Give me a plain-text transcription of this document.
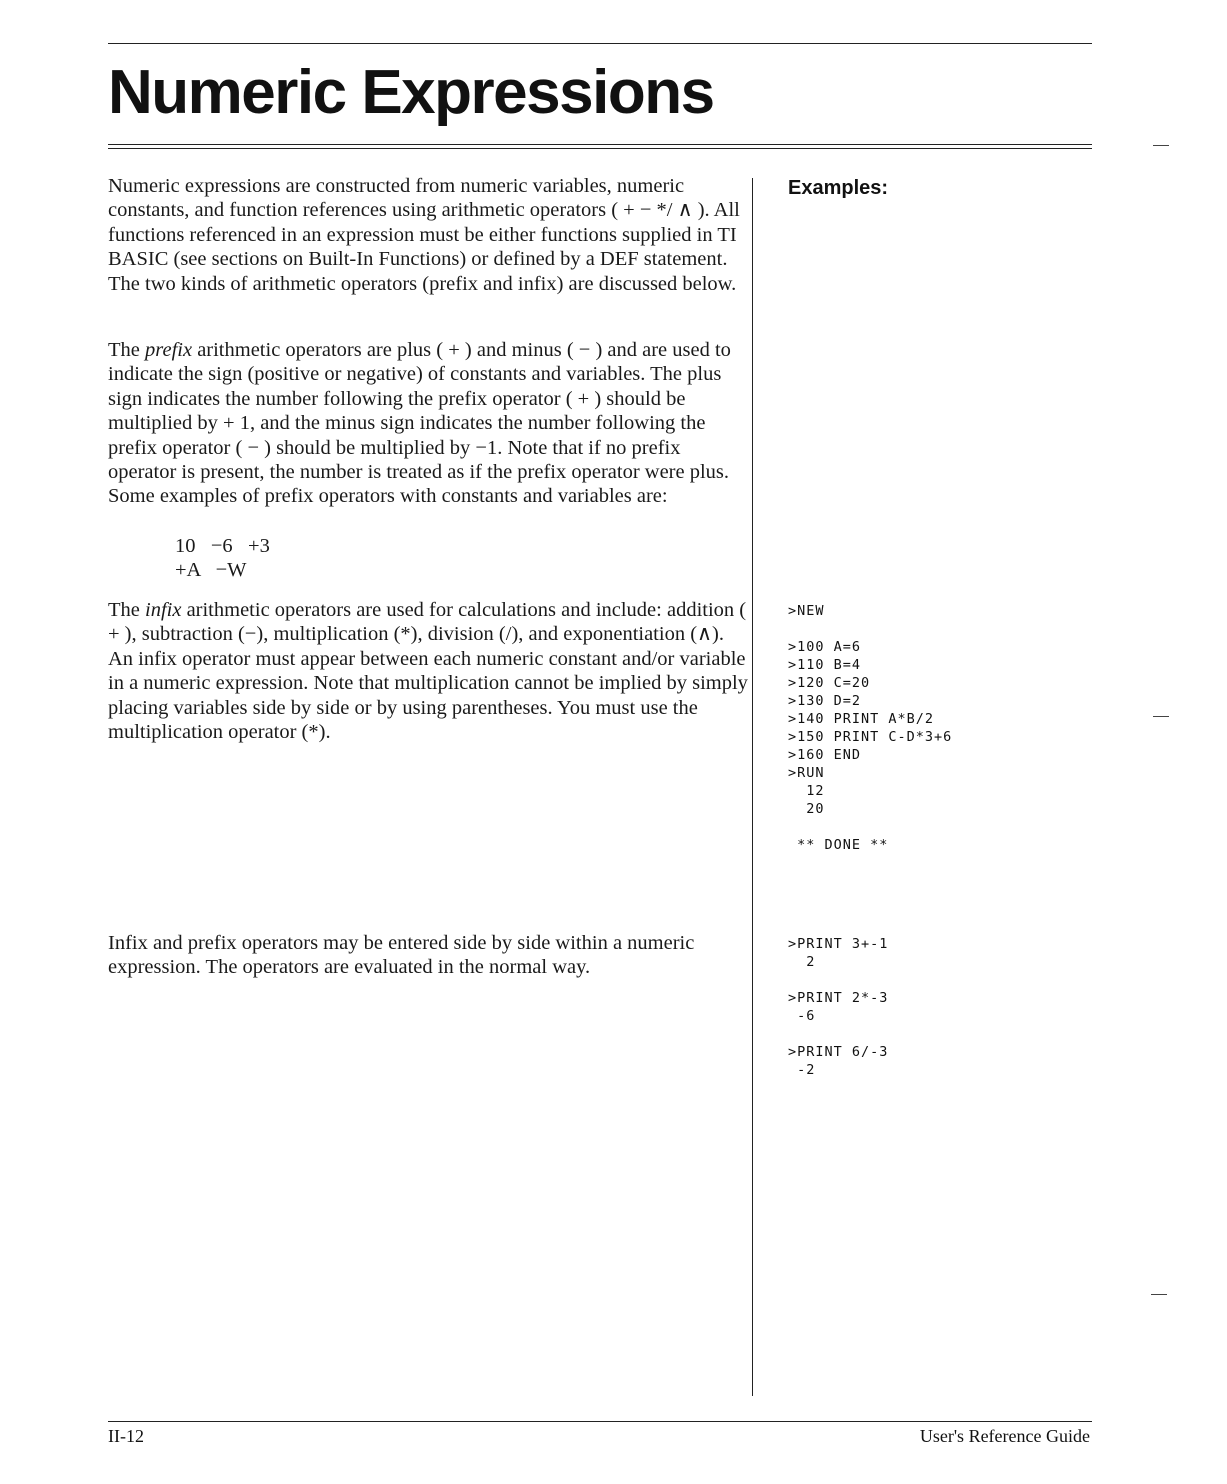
Numeric Expressions
Examples:

Numeric expressions are constructed from numeric variables, numeric constants, and function references using arithmetic operators ( + − */ ∧ ). All functions referenced in an expression must be either functions supplied in TI BASIC (see sections on Built-In Functions) or defined by a DEF statement. The two kinds of arithmetic operators (prefix and infix) are discussed below.

The prefix arithmetic operators are plus ( + ) and minus ( − ) and are used to indicate the sign (positive or negative) of constants and variables. The plus sign indicates the number following the prefix operator ( + ) should be multiplied by + 1, and the minus sign indicates the number following the prefix operator ( − ) should be multiplied by −1. Note that if no prefix operator is present, the number is treated as if the prefix operator were plus. Some examples of prefix operators with constants and variables are:

10   −6   +3
+A   −W

The infix arithmetic operators are used for calculations and include: addition ( + ), subtraction (−), multiplication (*), division (/), and exponentiation (∧). An infix operator must appear between each numeric constant and/or variable in a numeric expression. Note that multiplication cannot be implied by simply placing variables side by side or by using parentheses. You must use the multiplication operator (*).

Infix and prefix operators may be entered side by side within a numeric expression. The operators are evaluated in the normal way.

>NEW
>100 A=6
>110 B=4
>120 C=20
>130 D=2
>140 PRINT A*B/2
>150 PRINT C-D*3+6
>160 END
>RUN
12
20
** DONE **
>PRINT 3+-1
2
>PRINT 2*-3
-6
>PRINT 6/-3
-2
II-12	User's Reference Guide
